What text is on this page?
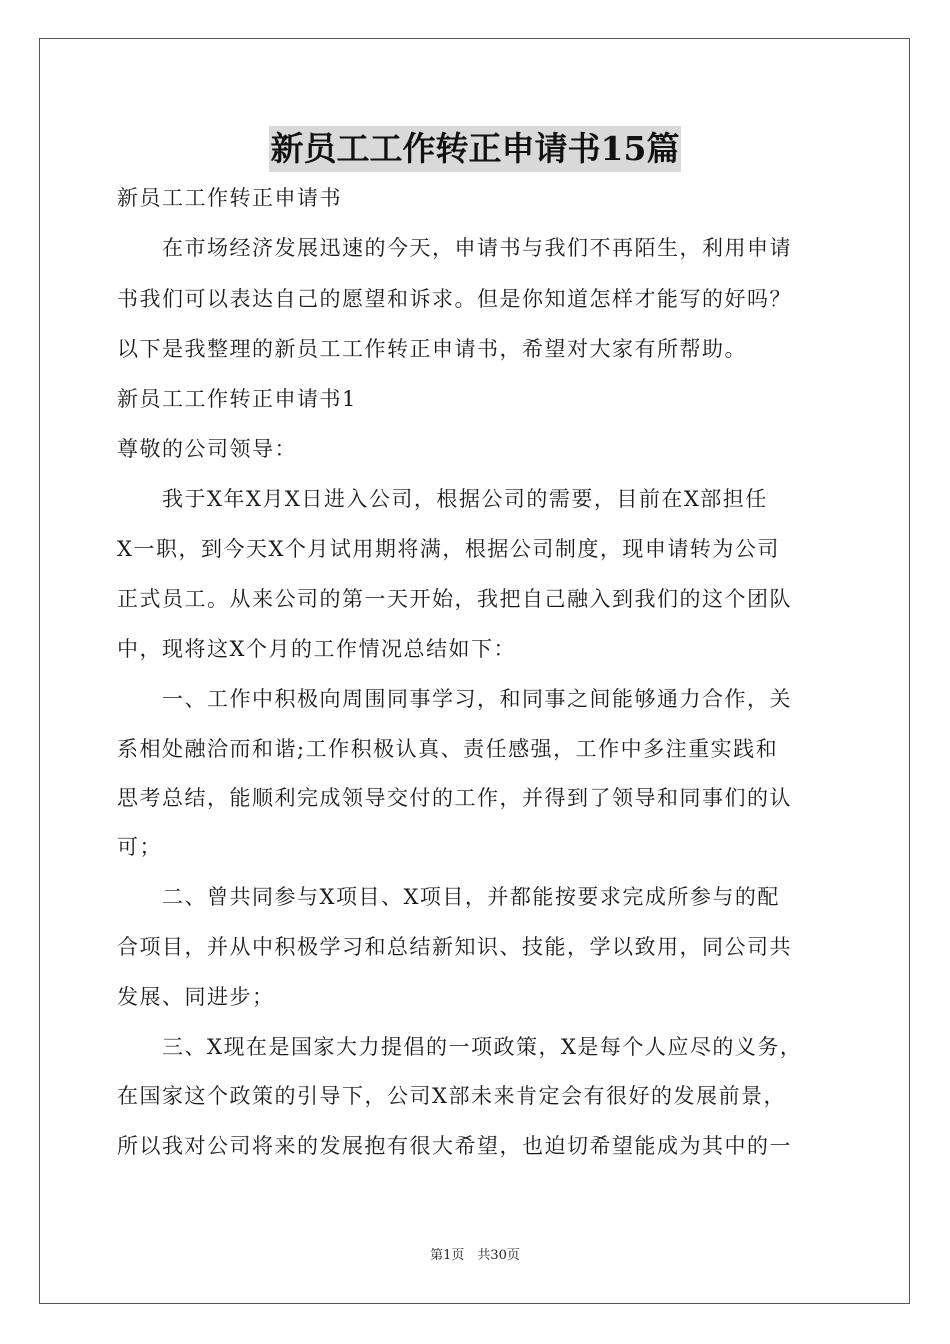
新员工工作转正申请书15篇
新员工工作转正申请书
　　在市场经济发展迅速的今天，申请书与我们不再陌生，利用申请
书我们可以表达自己的愿望和诉求。但是你知道怎样才能写的好吗？
以下是我整理的新员工工作转正申请书，希望对大家有所帮助。
新员工工作转正申请书1
尊敬的公司领导：
　　我于X年X月X日进入公司，根据公司的需要，目前在X部担任
X一职，到今天X个月试用期将满，根据公司制度，现申请转为公司
正式员工。从来公司的第一天开始，我把自己融入到我们的这个团队
中，现将这X个月的工作情况总结如下：
　　一、工作中积极向周围同事学习，和同事之间能够通力合作，关
系相处融洽而和谐;工作积极认真、责任感强，工作中多注重实践和
思考总结，能顺利完成领导交付的工作，并得到了领导和同事们的认
可；
　　二、曾共同参与X项目、X项目，并都能按要求完成所参与的配
合项目，并从中积极学习和总结新知识、技能，学以致用，同公司共
发展、同进步；
　　三、X现在是国家大力提倡的一项政策，X是每个人应尽的义务，
在国家这个政策的引导下，公司X部未来肯定会有很好的发展前景，
所以我对公司将来的发展抱有很大希望，也迫切希望能成为其中的一
第1页　共30页
